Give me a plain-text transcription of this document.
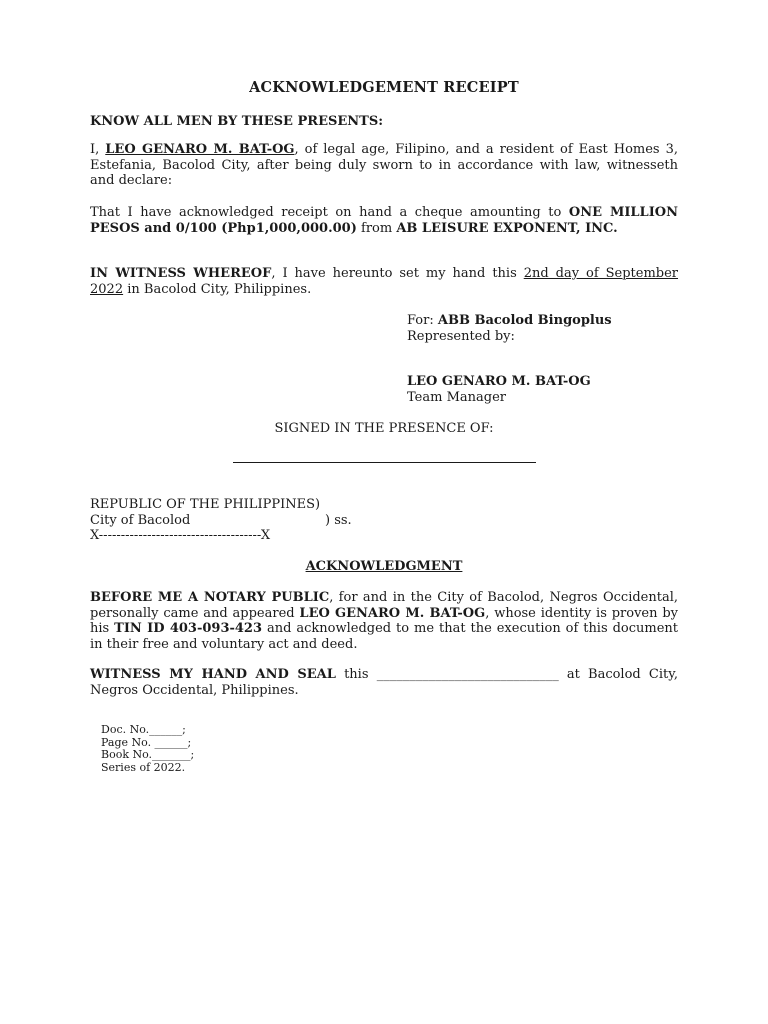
ACKNOWLEDGEMENT RECEIPT
KNOW ALL MEN BY THESE PRESENTS:
I, LEO GENARO M. BAT-OG, of legal age, Filipino, and a resident of East Homes 3, Estefania, Bacolod City, after being duly sworn to in accordance with law, witnesseth and declare:
That I have acknowledged receipt on hand a cheque amounting to ONE MILLION PESOS and 0/100 (Php1,000,000.00) from AB LEISURE EXPONENT, INC.
IN WITNESS WHEREOF, I have hereunto set my hand this 2nd day of September 2022 in Bacolod City, Philippines.
For: ABB Bacolod Bingoplus
Represented by:
LEO GENARO M. BAT-OG
Team Manager
SIGNED IN THE PRESENCE OF:
REPUBLIC OF THE PHILIPPINES)
City of Bacolod	) ss.
X-------------------------------------X
ACKNOWLEDGMENT
BEFORE ME A NOTARY PUBLIC, for and in the City of Bacolod, Negros Occidental, personally came and appeared LEO GENARO M. BAT-OG, whose identity is proven by his TIN ID 403-093-423 and acknowledged to me that the execution of this document in their free and voluntary act and deed.
WITNESS MY HAND AND SEAL this ____________________________ at Bacolod City, Negros Occidental, Philippines.
Doc. No.______;
Page No. ______;
Book No._______;
Series of 2022.
